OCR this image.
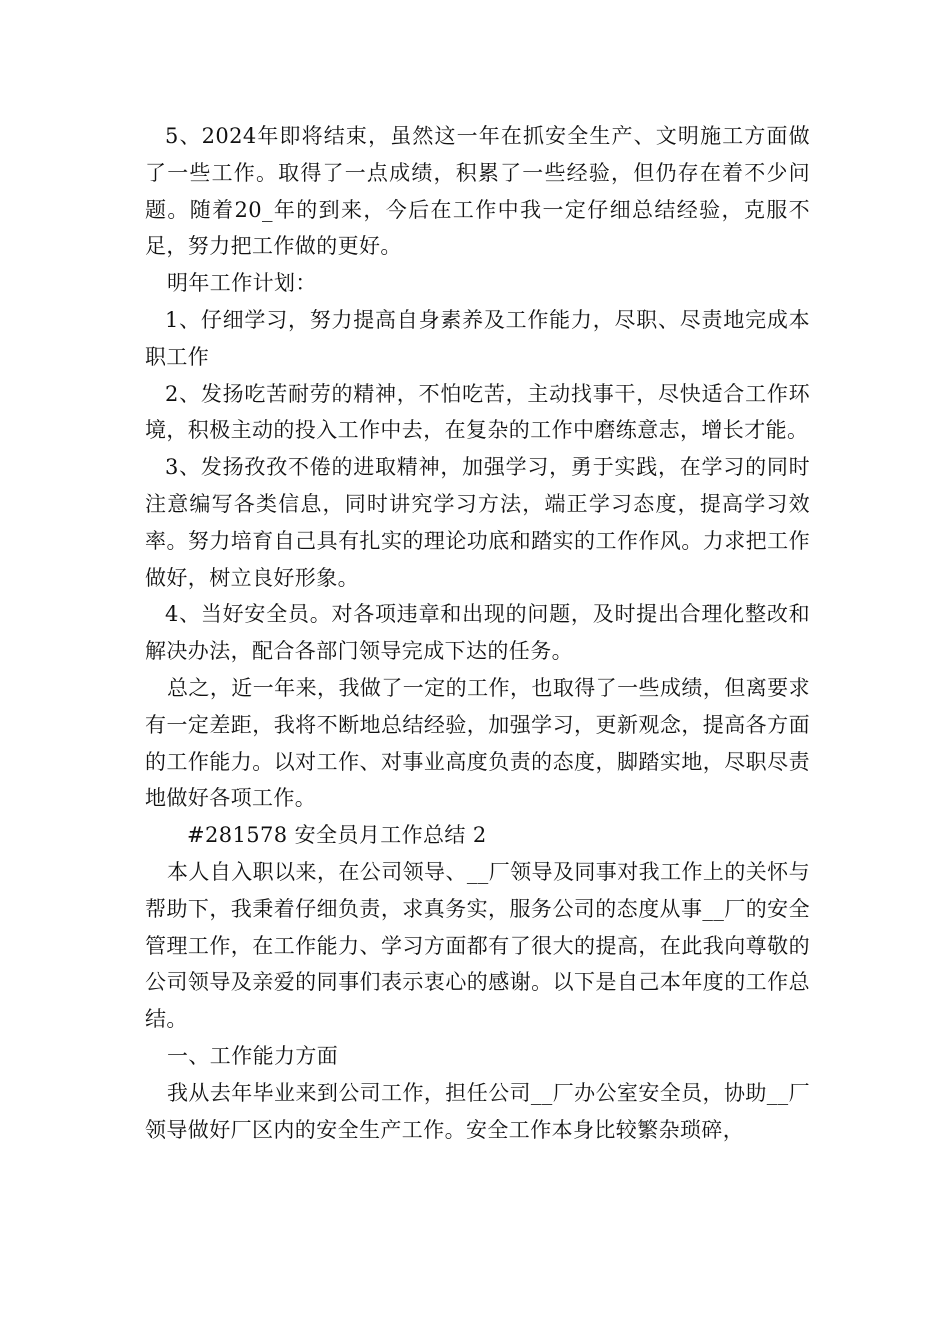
5、2024年即将结束，虽然这一年在抓安全生产、文明施工方面做了一些工作。取得了一点成绩，积累了一些经验，但仍存在着不少问题。随着20_年的到来，今后在工作中我一定仔细总结经验，克服不足，努力把工作做的更好。

明年工作计划：

1、仔细学习，努力提高自身素养及工作能力，尽职、尽责地完成本职工作

2、发扬吃苦耐劳的精神，不怕吃苦，主动找事干，尽快适合工作环境，积极主动的投入工作中去，在复杂的工作中磨练意志，增长才能。

3、发扬孜孜不倦的进取精神，加强学习，勇于实践，在学习的同时注意编写各类信息，同时讲究学习方法，端正学习态度，提高学习效率。努力培育自己具有扎实的理论功底和踏实的工作作风。力求把工作做好，树立良好形象。

4、当好安全员。对各项违章和出现的问题，及时提出合理化整改和解决办法，配合各部门领导完成下达的任务。

总之，近一年来，我做了一定的工作，也取得了一些成绩，但离要求有一定差距，我将不断地总结经验，加强学习，更新观念，提高各方面的工作能力。以对工作、对事业高度负责的态度，脚踏实地，尽职尽责地做好各项工作。

#281578 安全员月工作总结 2

本人自入职以来，在公司领导、__厂领导及同事对我工作上的关怀与帮助下，我秉着仔细负责，求真务实，服务公司的态度从事__厂的安全管理工作，在工作能力、学习方面都有了很大的提高，在此我向尊敬的公司领导及亲爱的同事们表示衷心的感谢。以下是自己本年度的工作总结。

一、工作能力方面

我从去年毕业来到公司工作，担任公司__厂办公室安全员，协助__厂领导做好厂区内的安全生产工作。安全工作本身比较繁杂琐碎，
